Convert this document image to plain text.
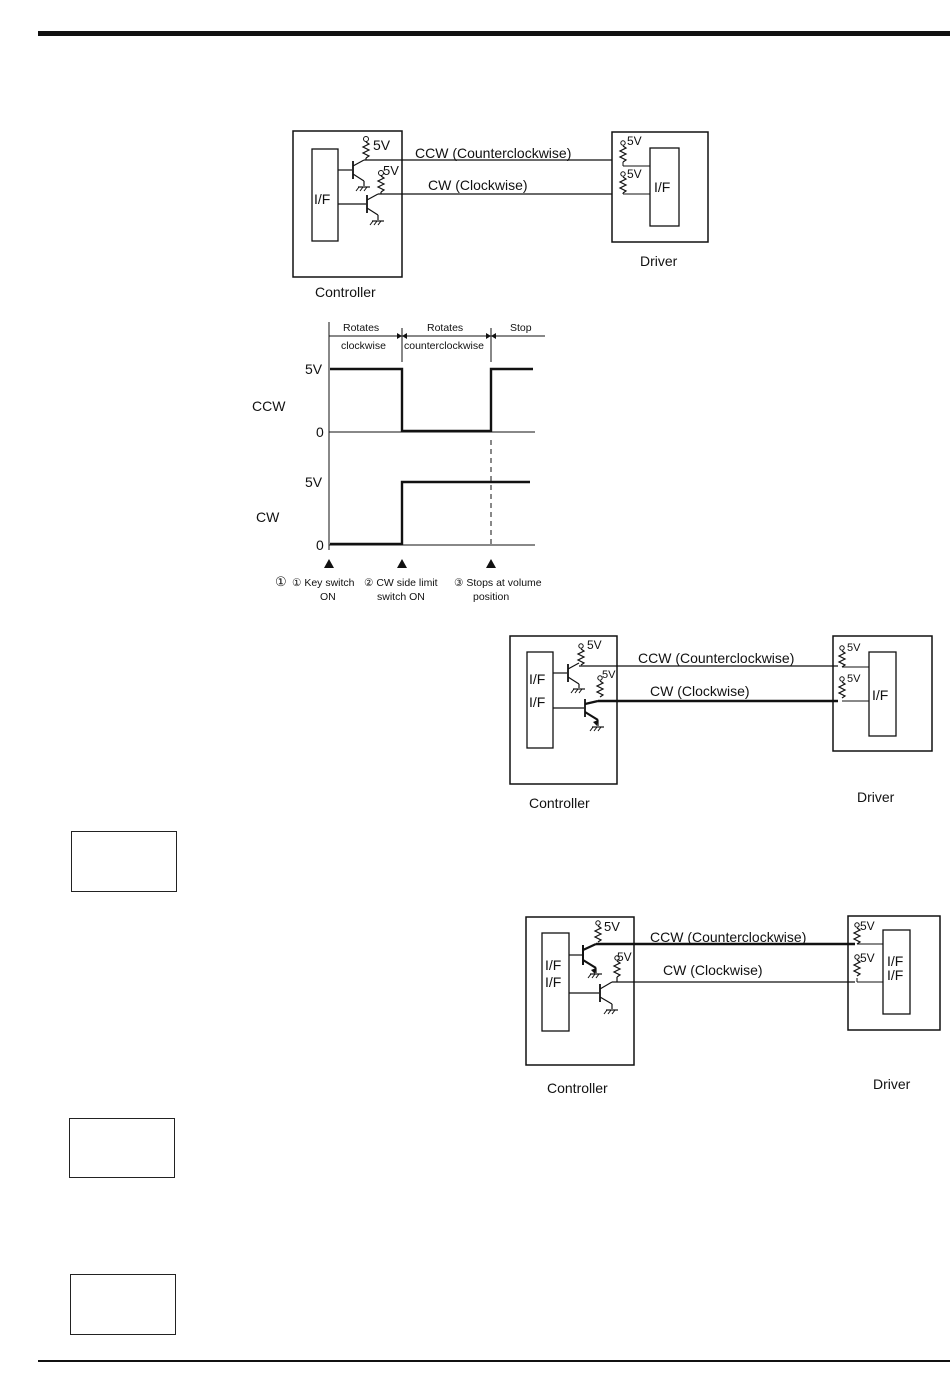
I/F
5V
5V
CCW (Counterclockwise)
CW (Clockwise)	I/F
5V
5V
Controller
Driver
Rotates
clockwise
Rotates
counterclockwise
Stop
CCW
5V
0
CW
5V
0
① ① Key switch
ON
② CW side limit
switch ON
③ Stops at volume
position
I/F
I/F
5V
5V
CCW (Counterclockwise)
CW (Clockwise)	I/F
5V
5V
Controller	Driver
I/F
I/F
5V
5V
CCW (Counterclockwise)
CW (Clockwise)
I/F
I/F
5V
5V
Controller	Driver
